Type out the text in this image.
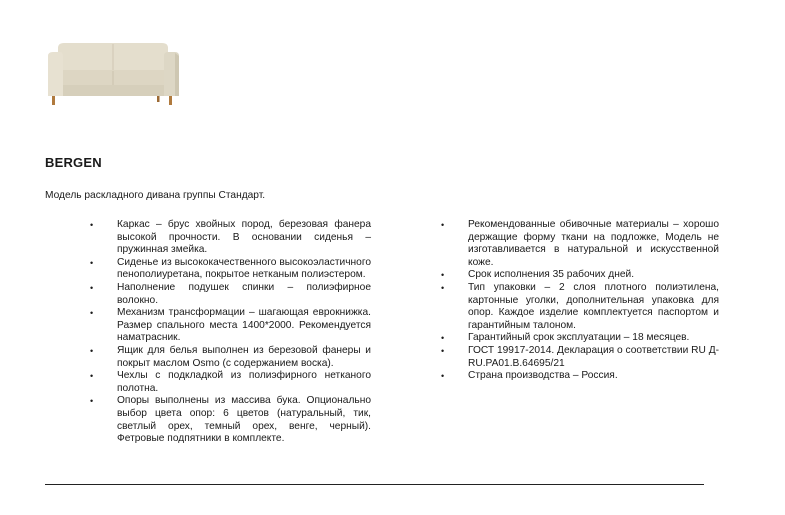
BERGEN
Модель раскладного дивана группы Стандарт.
• Каркас – брус хвойных пород, березовая фанера высокой прочности. В основании сиденья – пружинная змейка.
• Сиденье из высококачественного высокоэластичного пенополиуретана, покрытое нетканым полиэстером.
• Наполнение подушек спинки – полиэфирное волокно.
• Механизм трансформации – шагающая еврокнижка. Размер спального места 1400*2000. Рекомендуется наматрасник.
• Ящик для белья выполнен из березовой фанеры и покрыт маслом Osmo (с содержанием воска).
• Чехлы с подкладкой из полиэфирного нетканого полотна.
• Опоры выполнены из массива бука. Опционально выбор цвета опор: 6 цветов (натуральный, тик, светлый орех, темный орех, венге, черный). Фетровые подпятники в комплекте.
• Рекомендованные обивочные материалы – хорошо держащие форму ткани на подложке, Модель не изготавливается в натуральной и искусственной коже.
• Срок исполнения 35 рабочих дней.
• Тип упаковки – 2 слоя плотного полиэтилена, картонные уголки, дополнительная упаковка для опор. Каждое изделие комплектуется паспортом и гарантийным талоном.
• Гарантийный срок эксплуатации – 18 месяцев.
• ГОСТ 19917-2014. Декларация о соответствии RU Д-RU.PA01.B.64695/21
• Страна производства – Россия.
